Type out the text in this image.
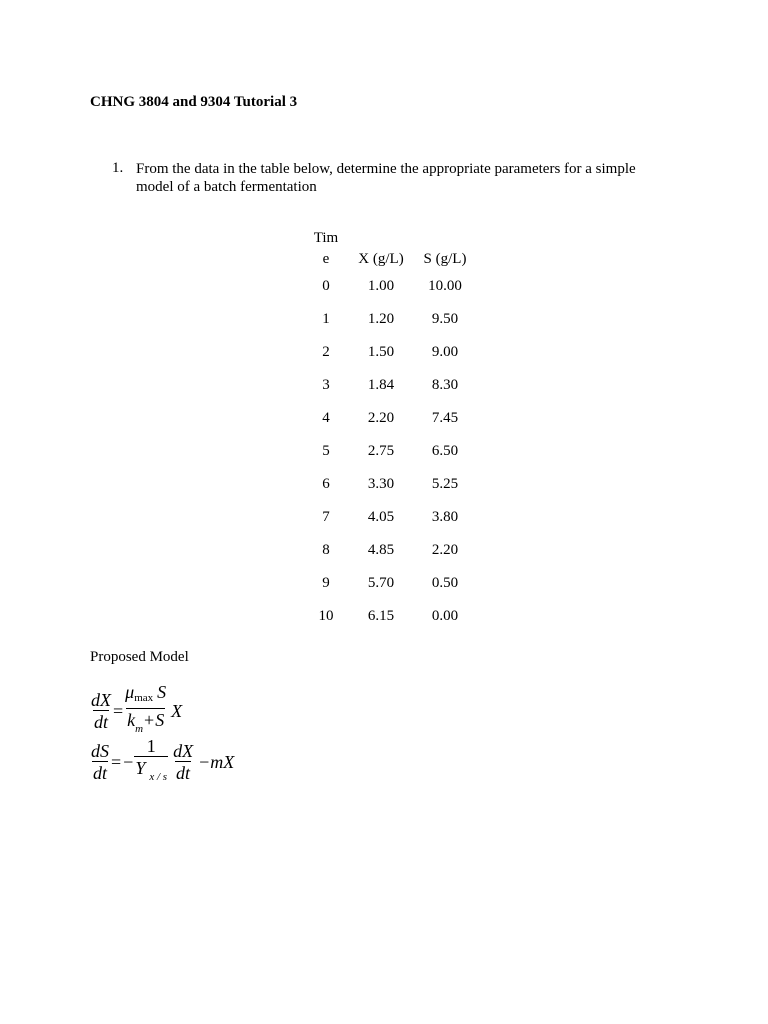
CHNG 3804 and 9304 Tutorial 3
1. From the data in the table below, determine the appropriate parameters for a simple model of a batch fermentation
Tim
e	X (g/L)	S (g/L)
0	1.00	10.00
1	1.20	9.50
2	1.50	9.00
3	1.84	8.30
4	2.20	7.45
5	2.75	6.50
6	3.30	5.25
7	4.05	3.80
8	4.85	2.20
9	5.70	0.50
10	6.15	0.00
Proposed Model
$\frac{dX}{dt} = \frac{\mu_{max} S}{k_m+S}$ X
$\frac{dS}{dt}$ = − $\frac{1}{Y _{x / s}} \frac{dX}{dt}$ − mX
